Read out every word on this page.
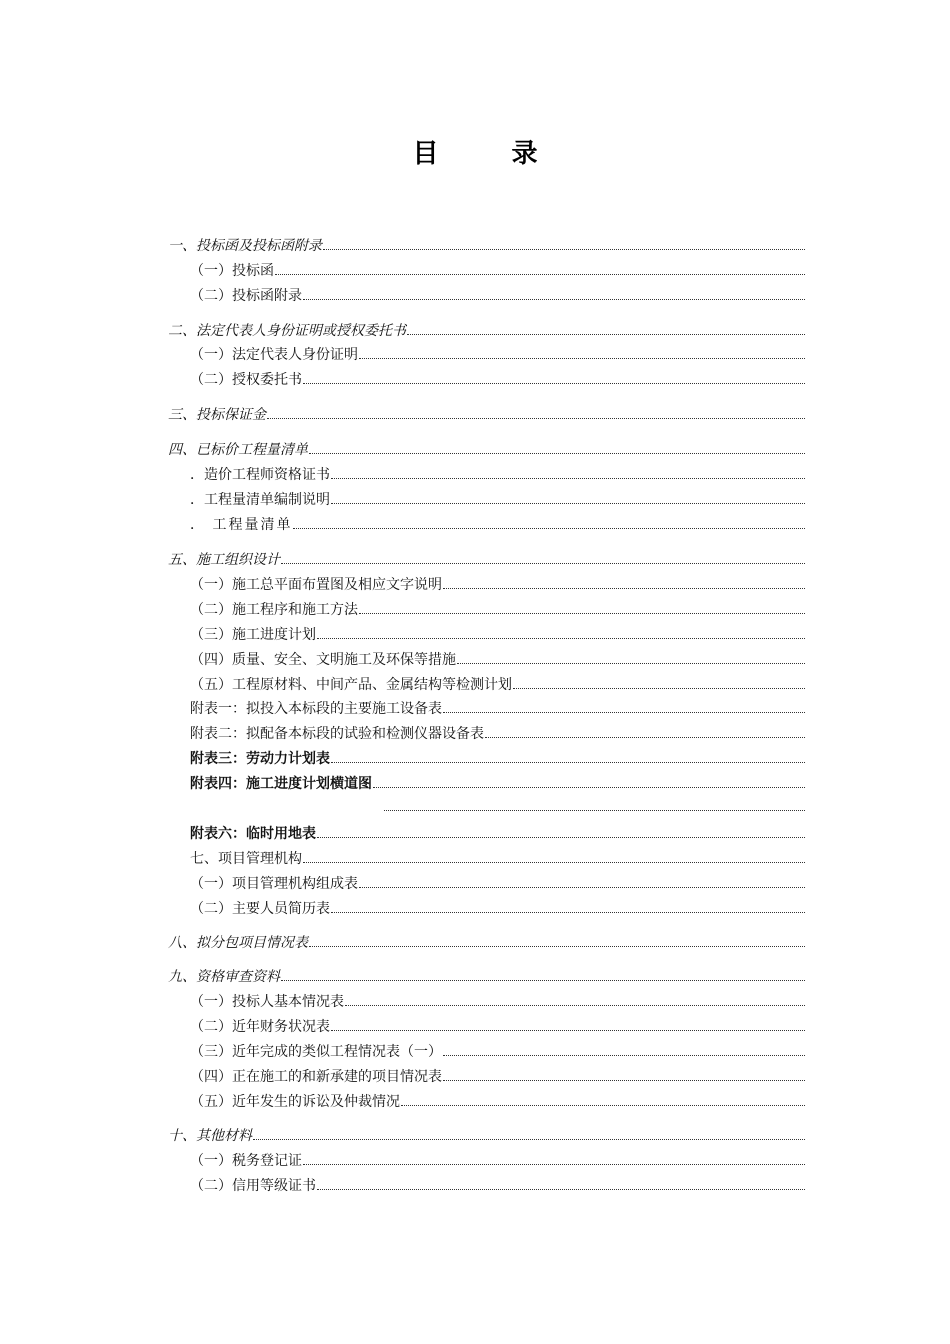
目 录
一、投标函及投标函附录
（一）投标函
（二）投标函附录
二、法定代表人身份证明或授权委托书
（一）法定代表人身份证明
（二）授权委托书
三、投标保证金
四、已标价工程量清单
．造价工程师资格证书
．工程量清单编制说明
． 工程量清单
五、施工组织设计
（一）施工总平面布置图及相应文字说明
（二）施工程序和施工方法
（三）施工进度计划
（四）质量、安全、文明施工及环保等措施
（五）工程原材料、中间产品、金属结构等检测计划
附表一：拟投入本标段的主要施工设备表
附表二：拟配备本标段的试验和检测仪器设备表
附表三：劳动力计划表
附表四：施工进度计划横道图
附表六：临时用地表
七、项目管理机构
（一）项目管理机构组成表
（二）主要人员简历表
八、拟分包项目情况表
九、资格审查资料
（一）投标人基本情况表
（二）近年财务状况表
（三）近年完成的类似工程情况表（一）
（四）正在施工的和新承建的项目情况表
（五）近年发生的诉讼及仲裁情况
十、其他材料
（一）税务登记证
（二）信用等级证书
